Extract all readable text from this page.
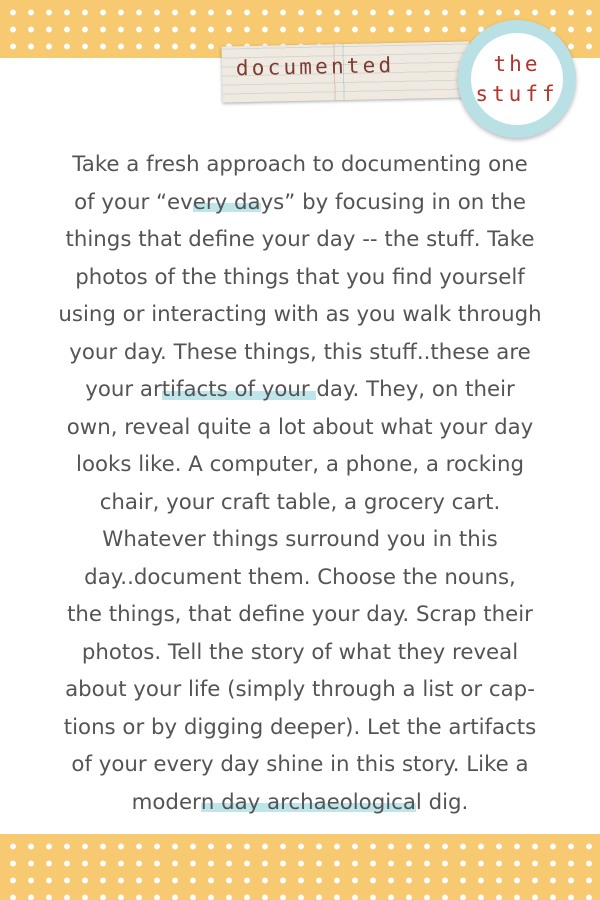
documented	the
stuff
Take a fresh approach to documenting one
of your “every days” by focusing in on the
things that define your day -- the stuff. Take
photos of the things that you find yourself
using or interacting with as you walk through
your day. These things, this stuff..these are
your artifacts of your day. They, on their
own, reveal quite a lot about what your day
looks like. A computer, a phone, a rocking
chair, your craft table, a grocery cart.
Whatever things surround you in this
day..document them. Choose the nouns,
the things, that define your day. Scrap their
photos. Tell the story of what they reveal
about your life (simply through a list or cap-
tions or by digging deeper). Let the artifacts
of your every day shine in this story. Like a
modern day archaeological dig.
